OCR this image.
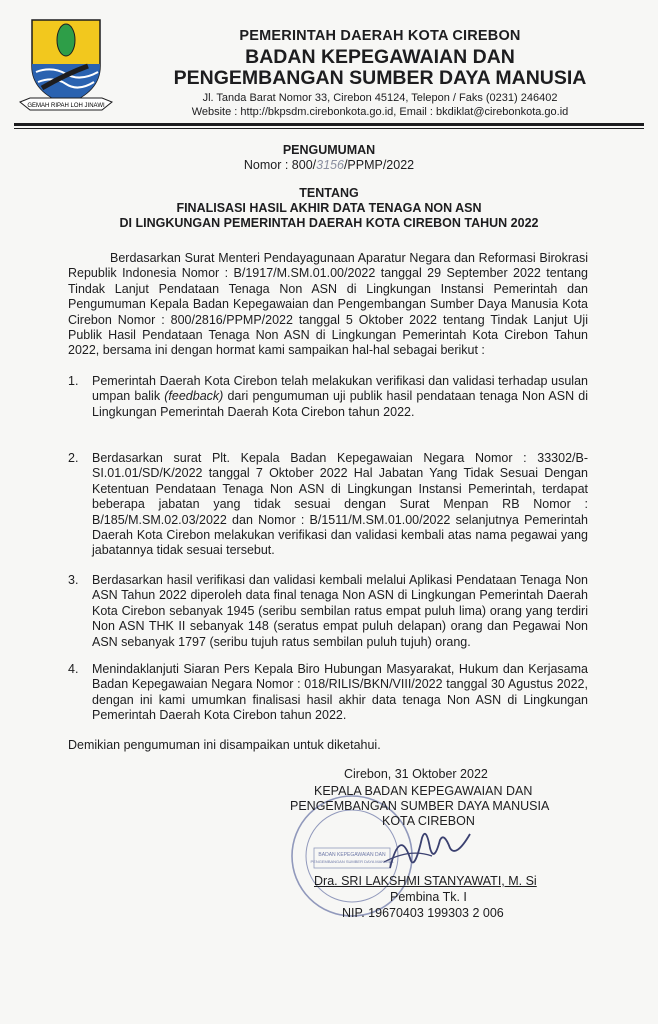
GEMAH RIPAH LOH JINAWI
PEMERINTAH DAERAH KOTA CIREBON
BADAN KEPEGAWAIAN DAN
PENGEMBANGAN SUMBER DAYA MANUSIA
Jl. Tanda Barat Nomor 33, Cirebon 45124, Telepon / Faks (0231) 246402
Website : http://bkpsdm.cirebonkota.go.id, Email : bkdiklat@cirebonkota.go.id
PENGUMUMAN
Nomor : 800/3156/PPMP/2022
TENTANG
FINALISASI HASIL AKHIR DATA TENAGA NON ASN
DI LINGKUNGAN PEMERINTAH DAERAH KOTA CIREBON TAHUN 2022
Berdasarkan Surat Menteri Pendayagunaan Aparatur Negara dan Reformasi Birokrasi Republik Indonesia Nomor : B/1917/M.SM.01.00/2022 tanggal 29 September 2022 tentang Tindak Lanjut Pendataan Tenaga Non ASN di Lingkungan Instansi Pemerintah dan Pengumuman Kepala Badan Kepegawaian dan Pengembangan Sumber Daya Manusia Kota Cirebon Nomor : 800/2816/PPMP/2022 tanggal 5 Oktober 2022 tentang Tindak Lanjut Uji Publik Hasil Pendataan Tenaga Non ASN di Lingkungan Pemerintah Kota Cirebon Tahun 2022, bersama ini dengan hormat kami sampaikan hal-hal sebagai berikut :
1.	Pemerintah Daerah Kota Cirebon telah melakukan verifikasi dan validasi terhadap usulan umpan balik (feedback) dari pengumuman uji publik hasil pendataan tenaga Non ASN di Lingkungan Pemerintah Daerah Kota Cirebon tahun 2022.
2.	Berdasarkan surat Plt. Kepala Badan Kepegawaian Negara Nomor : 33302/B-SI.01.01/SD/K/2022 tanggal 7 Oktober 2022 Hal Jabatan Yang Tidak Sesuai Dengan Ketentuan Pendataan Tenaga Non ASN di Lingkungan Instansi Pemerintah, terdapat beberapa jabatan yang tidak sesuai dengan Surat Menpan RB Nomor : B/185/M.SM.02.03/2022 dan Nomor : B/1511/M.SM.01.00/2022 selanjutnya Pemerintah Daerah Kota Cirebon melakukan verifikasi dan validasi kembali atas nama pegawai yang jabatannya tidak sesuai tersebut.
3.	Berdasarkan hasil verifikasi dan validasi kembali melalui Aplikasi Pendataan Tenaga Non ASN Tahun 2022 diperoleh data final tenaga Non ASN di Lingkungan Pemerintah Daerah Kota Cirebon sebanyak 1945 (seribu sembilan ratus empat puluh lima) orang yang terdiri Non ASN THK II sebanyak 148 (seratus empat puluh delapan) orang dan Pegawai Non ASN sebanyak 1797 (seribu tujuh ratus sembilan puluh tujuh) orang.
4.	Menindaklanjuti Siaran Pers Kepala Biro Hubungan Masyarakat, Hukum dan Kerjasama Badan Kepegawaian Negara Nomor : 018/RILIS/BKN/VIII/2022 tanggal 30 Agustus 2022, dengan ini kami umumkan finalisasi hasil akhir data tenaga Non ASN di Lingkungan Pemerintah Daerah Kota Cirebon tahun 2022.
Demikian pengumuman ini disampaikan untuk diketahui.
BADAN KEPEGAWAIAN DAN
PENGEMBANGAN SUMBER DAYA MANUSIA
Cirebon, 31 Oktober 2022
KEPALA BADAN KEPEGAWAIAN DAN
PENGEMBANGAN SUMBER DAYA MANUSIA
KOTA CIREBON
Dra. SRI LAKSHMI STANYAWATI, M. Si
Pembina Tk. I
NIP. 19670403 199303 2 006
